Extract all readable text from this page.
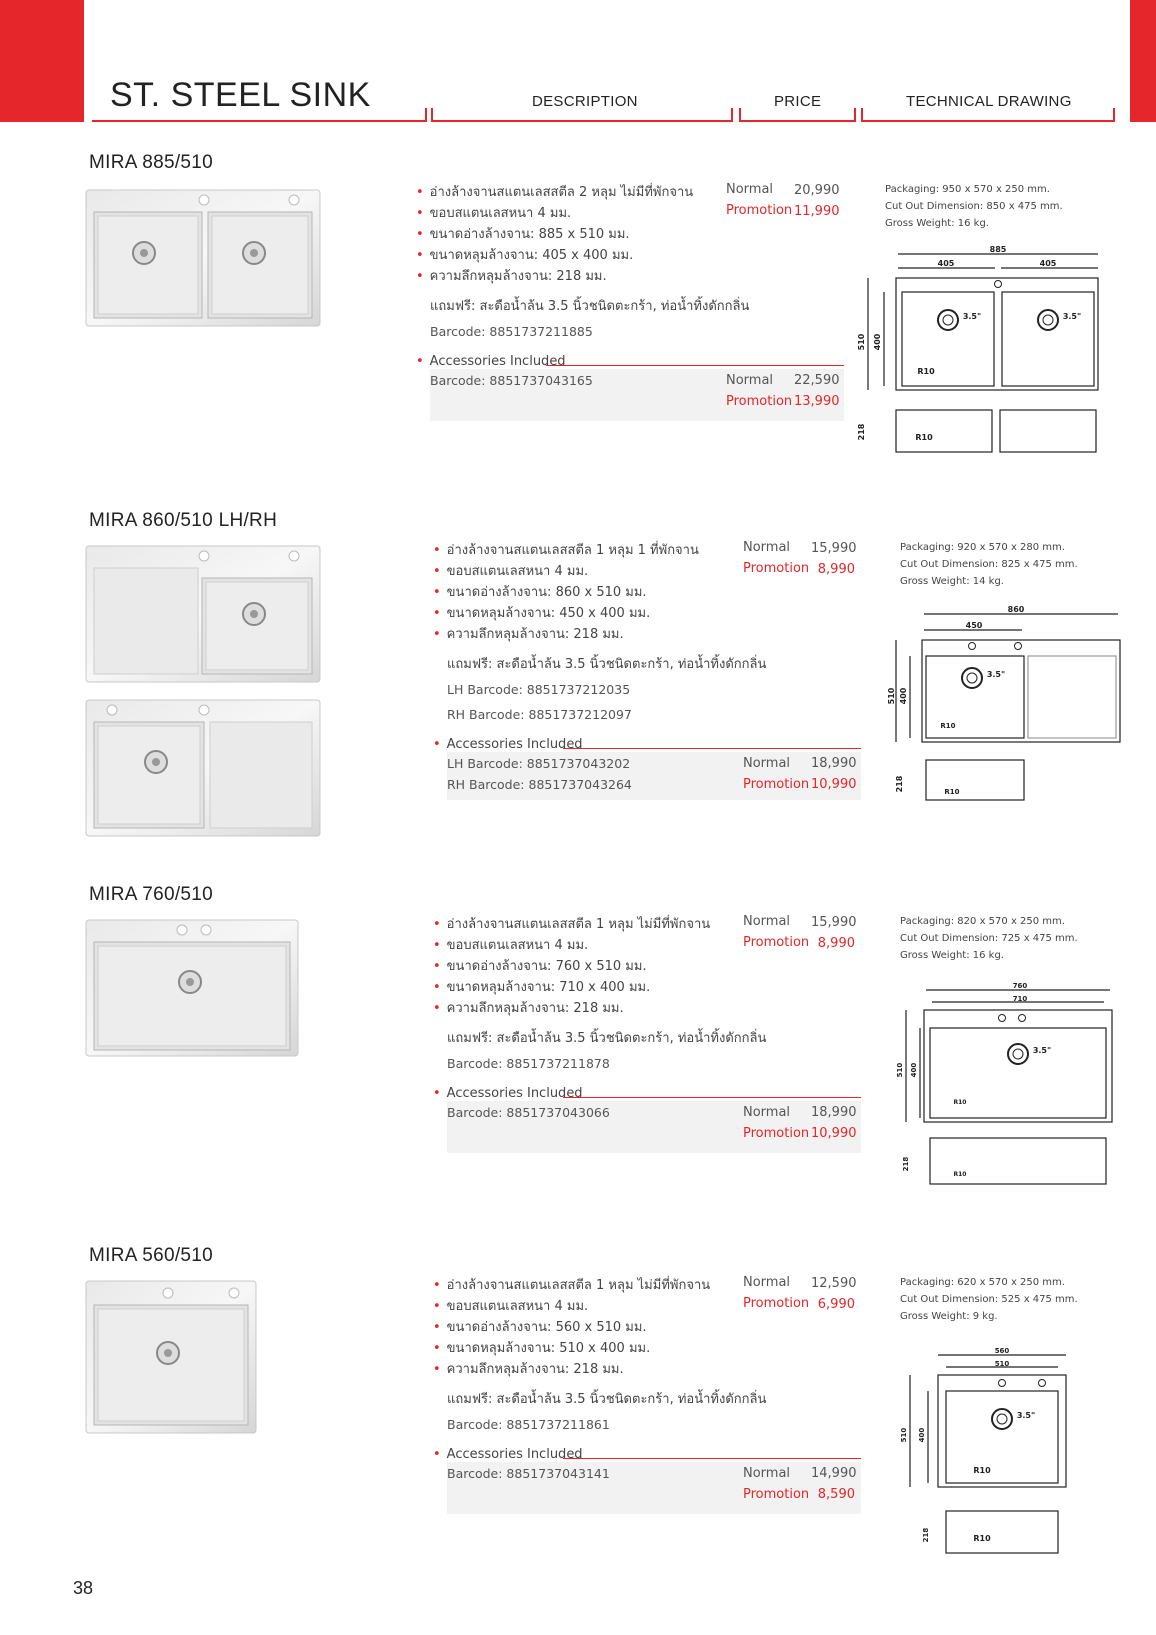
ST. STEEL SINK	DESCRIPTION	PRICE	TECHNICAL DRAWING
MIRA 885/510
• อ่างล้างจานสแตนเลสสตีล 2 หลุม ไม่มีที่พักจาน
• ขอบสแตนเลสหนา 4 มม.
• ขนาดอ่างล้างจาน: 885 x 510 มม.
• ขนาดหลุมล้างจาน: 405 x 400 มม.
• ความลึกหลุมล้างจาน: 218 มม.
แถมฟรี: สะดือน้ำล้น 3.5 นิ้วชนิดตะกร้า, ท่อน้ำทิ้งดักกลิ่น
Barcode: 8851737211885
• Accessories Included
Barcode: 8851737043165	Normal 22,590
Promotion 13,990
Normal 20,990
Promotion 11,990
Packaging: 950 x 570 x 250 mm.
Cut Out Dimension: 850 x 475 mm.
Gross Weight: 16 kg.
885
405	405
510 400
3.5"	3.5"
R10
218	R10
MIRA 860/510 LH/RH
• อ่างล้างจานสแตนเลสสตีล 1 หลุม 1 ที่พักจาน
• ขอบสแตนเลสหนา 4 มม.
• ขนาดอ่างล้างจาน: 860 x 510 มม.
• ขนาดหลุมล้างจาน: 450 x 400 มม.
• ความลึกหลุมล้างจาน: 218 มม.
แถมฟรี: สะดือน้ำล้น 3.5 นิ้วชนิดตะกร้า, ท่อน้ำทิ้งดักกลิ่น
LH Barcode: 8851737212035
RH Barcode: 8851737212097
• Accessories Included
LH Barcode: 8851737043202
RH Barcode: 8851737043264
Normal 18,990
Promotion 10,990
Normal 15,990
Promotion 8,990
Packaging: 920 x 570 x 280 mm.
Cut Out Dimension: 825 x 475 mm.
Gross Weight: 14 kg.
860
450
510 400
3.5"
R10
218	R10
MIRA 760/510
• อ่างล้างจานสแตนเลสสตีล 1 หลุม ไม่มีที่พักจาน
• ขอบสแตนเลสหนา 4 มม.
• ขนาดอ่างล้างจาน: 760 x 510 มม.
• ขนาดหลุมล้างจาน: 710 x 400 มม.
• ความลึกหลุมล้างจาน: 218 มม.
แถมฟรี: สะดือน้ำล้น 3.5 นิ้วชนิดตะกร้า, ท่อน้ำทิ้งดักกลิ่น
Barcode: 8851737211878
• Accessories Included
Barcode: 8851737043066	Normal 18,990
Promotion 10,990
Normal 15,990
Promotion 8,990
Packaging: 820 x 570 x 250 mm.
Cut Out Dimension: 725 x 475 mm.
Gross Weight: 16 kg.
760
710
510 400
3.5"
R10
218
R10
MIRA 560/510
• อ่างล้างจานสแตนเลสสตีล 1 หลุม ไม่มีที่พักจาน
• ขอบสแตนเลสหนา 4 มม.
• ขนาดอ่างล้างจาน: 560 x 510 มม.
• ขนาดหลุมล้างจาน: 510 x 400 มม.
• ความลึกหลุมล้างจาน: 218 มม.
แถมฟรี: สะดือน้ำล้น 3.5 นิ้วชนิดตะกร้า, ท่อน้ำทิ้งดักกลิ่น
Barcode: 8851737211861
• Accessories Included
Barcode: 8851737043141	Normal 14,990
Promotion 8,590
Normal 12,590
Promotion 6,990
Packaging: 620 x 570 x 250 mm.
Cut Out Dimension: 525 x 475 mm.
Gross Weight: 9 kg.
560
510
510 400
3.5"
R10
218	R10
38
